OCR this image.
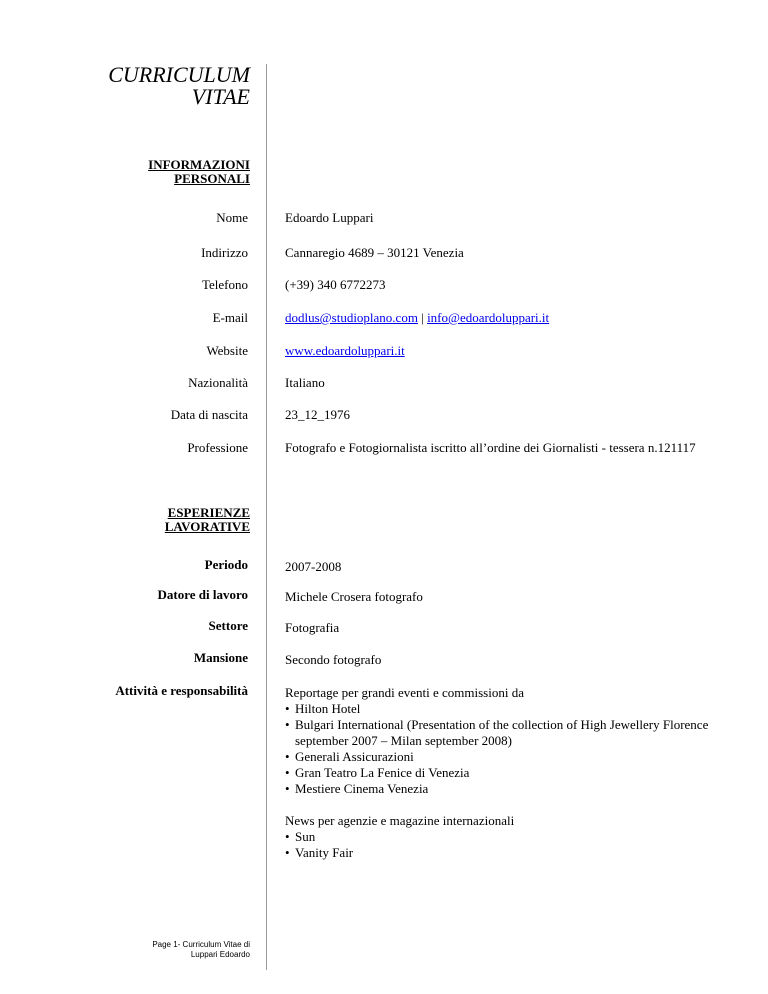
CURRICULUM
VITAE
INFORMAZIONI
PERSONALI
Nome	Edoardo Luppari
Indirizzo	Cannaregio 4689 – 30121 Venezia
Telefono	(+39) 340 6772273
E-mail	dodlus@studioplano.com | info@edoardoluppari.it
Website	www.edoardoluppari.it
Nazionalità	Italiano
Data di nascita	23_12_1976
Professione	Fotografo e Fotogiornalista iscritto all’ordine dei Giornalisti - tessera n.121117
ESPERIENZE
LAVORATIVE
Periodo	2007-2008
Datore di lavoro	Michele Crosera fotografo
Settore	Fotografia
Mansione	Secondo fotografo
Attività e responsabilità	Reportage per grandi eventi e commissioni da
• Hilton Hotel
• Bulgari International (Presentation of the collection of High Jewellery Florence september 2007 – Milan september 2008)
• Generali Assicurazioni
• Gran Teatro La Fenice di Venezia
• Mestiere Cinema Venezia
News per agenzie e magazine internazionali
• Sun
• Vanity Fair
Page 1- Curriculum Vitae di
Luppari Edoardo
